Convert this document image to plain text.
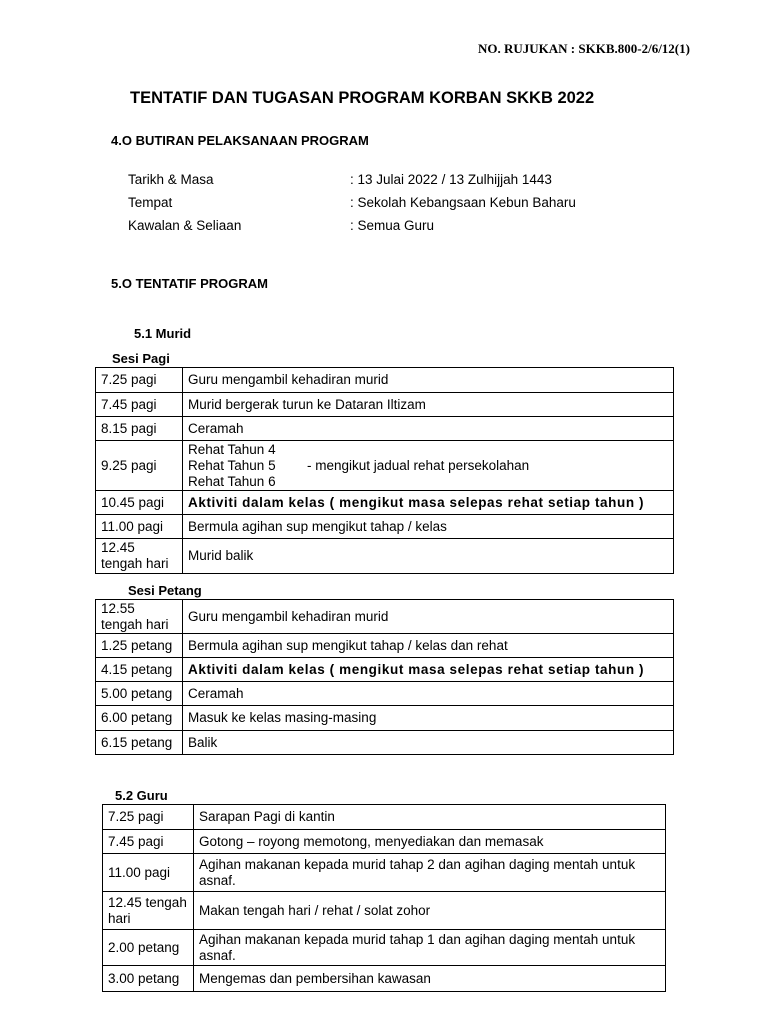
NO. RUJUKAN : SKKB.800-2/6/12(1)
TENTATIF DAN TUGASAN PROGRAM KORBAN SKKB 2022
4.O BUTIRAN PELAKSANAAN PROGRAM
Tarikh & Masa	: 13 Julai 2022 / 13 Zulhijjah 1443
Tempat	: Sekolah Kebangsaan Kebun Baharu
Kawalan & Seliaan	: Semua Guru
5.O TENTATIF PROGRAM
5.1 Murid
Sesi Pagi
7.25 pagi	Guru mengambil kehadiran murid
7.45 pagi	Murid bergerak turun ke Dataran Iltizam
8.15 pagi	Ceramah
9.25 pagi	Rehat Tahun 4
Rehat Tahun 5 - mengikut jadual rehat persekolahan
Rehat Tahun 6

10.45 pagi	Aktiviti dalam kelas ( mengikut masa selepas rehat setiap tahun )
11.00 pagi	Bermula agihan sup mengikut tahap / kelas
12.45 tengah hari	Murid balik
Sesi Petang
12.55 tengah hari	Guru mengambil kehadiran murid
1.25 petang	Bermula agihan sup mengikut tahap / kelas dan rehat
4.15 petang	Aktiviti dalam kelas ( mengikut masa selepas rehat setiap tahun )
5.00 petang	Ceramah
6.00 petang	Masuk ke kelas masing-masing
6.15 petang	Balik
5.2 Guru
7.25 pagi	Sarapan Pagi di kantin
7.45 pagi	Gotong – royong memotong, menyediakan dan memasak
11.00 pagi	Agihan makanan kepada murid tahap 2 dan agihan daging mentah untuk asnaf.
12.45 tengah hari	Makan tengah hari / rehat / solat zohor
2.00 petang	Agihan makanan kepada murid tahap 1 dan agihan daging mentah untuk asnaf.
3.00 petang	Mengemas dan pembersihan kawasan
